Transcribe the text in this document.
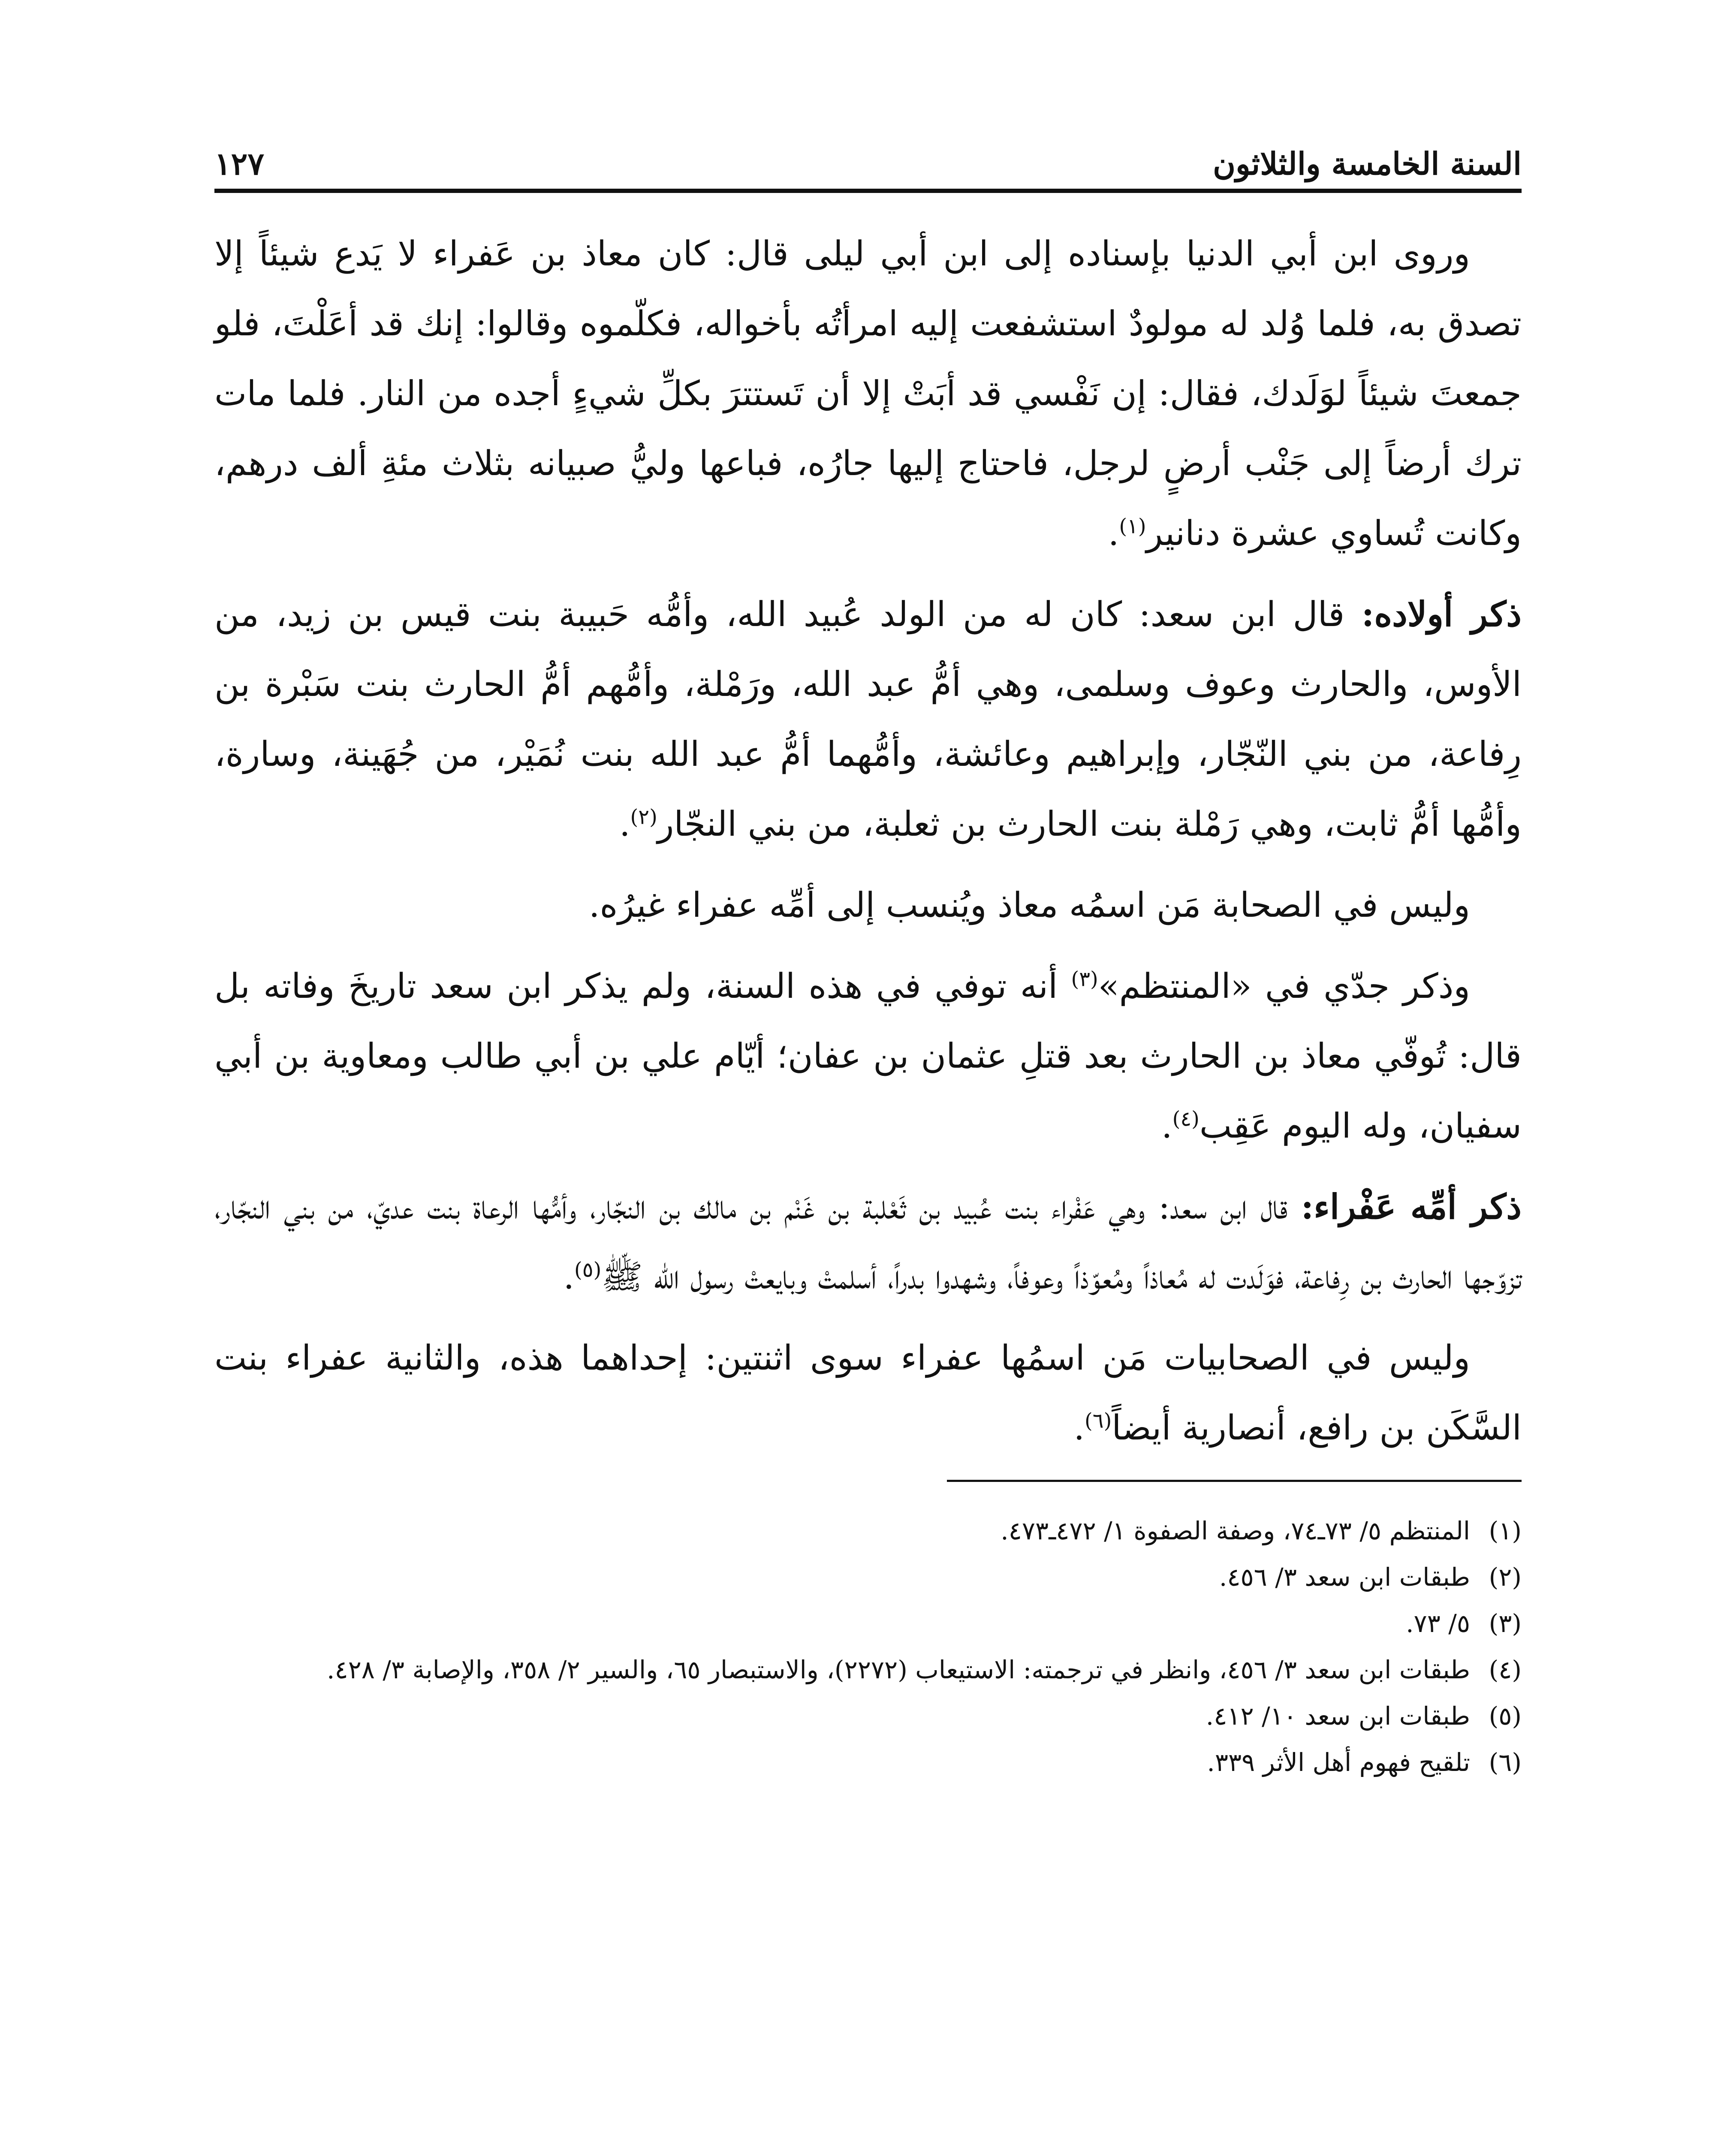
السنة الخامسة والثلاثون
١٢٧

وروى ابن أبي الدنيا بإسناده إلى ابن أبي ليلى قال: كان معاذ بن عَفراء لا يَدع شيئاً إلا تصدق به، فلما وُلد له مولودٌ استشفعت إليه امرأتُه بأخواله، فكلّموه وقالوا: إنك قد أعَلْتَ، فلو جمعتَ شيئاً لوَلَدك، فقال: إن نَفْسي قد أبَتْ إلا أن تَستترَ بكلِّ شيءٍ أجده من النار. فلما مات ترك أرضاً إلى جَنْب أرضٍ لرجل، فاحتاج إليها جارُه، فباعها وليُّ صبيانه بثلاث مئةِ ألف درهم، وكانت تُساوي عشرة دنانير$^{(١)}$.

ذكر أولاده: قال ابن سعد: كان له من الولد عُبيد الله، وأمُّه حَبيبة بنت قيس بن زيد، من الأوس، والحارث وعوف وسلمى، وهي أمُّ عبد الله، ورَمْلة، وأمُّهم أمُّ الحارث بنت سَبْرة بن رِفاعة، من بني النّجّار، وإبراهيم وعائشة، وأمُّهما أمُّ عبد الله بنت نُمَيْر، من جُهَينة، وسارة، وأمُّها أمُّ ثابت، وهي رَمْلة بنت الحارث بن ثعلبة، من بني النجّار$^{(٢)}$.

وليس في الصحابة مَن اسمُه معاذ ويُنسب إلى أمِّه عفراء غيرُه.

وذكر جدّي في «المنتظم»$^{(٣)}$ أنه توفي في هذه السنة، ولم يذكر ابن سعد تاريخَ وفاته بل قال: تُوفّي معاذ بن الحارث بعد قتلِ عثمان بن عفان؛ أيّام علي بن أبي طالب ومعاوية بن أبي سفيان، وله اليوم عَقِب$^{(٤)}$.

ذكر أمِّه عَفْراء: قال ابن سعد: وهي عَفْراء بنت عُبيد بن ثَعْلبة بن غَنْم بن مالك بن النجّار، وأمُّها الرعاة بنت عديّ، من بني النجّار، تزوّجها الحارث بن رِفاعة، فوَلَدت له مُعاذاً ومُعوّذاً وعوفاً، وشهدوا بدراً، أسلمتْ وبايعتْ رسول الله ﷺ$^{(٥)}$.

وليس في الصحابيات مَن اسمُها عفراء سوى اثنتين: إحداهما هذه، والثانية عفراء بنت السَّكَن بن رافع، أنصارية أيضاً$^{(٦)}$.

(١)
المنتظم ٥/ ٧٣ـ٧٤، وصفة الصفوة ١/ ٤٧٢ـ٤٧٣.
(٢)
طبقات ابن سعد ٣/ ٤٥٦.
(٣)
٥/ ٧٣.
(٤)
طبقات ابن سعد ٣/ ٤٥٦، وانظر في ترجمته: الاستيعاب (٢٢٧٢)، والاستبصار ٦٥، والسير ٢/ ٣٥٨، والإصابة ٣/ ٤٢٨.
(٥)
طبقات ابن سعد ١٠/ ٤١٢.
(٦)
تلقيح فهوم أهل الأثر ٣٣٩.
